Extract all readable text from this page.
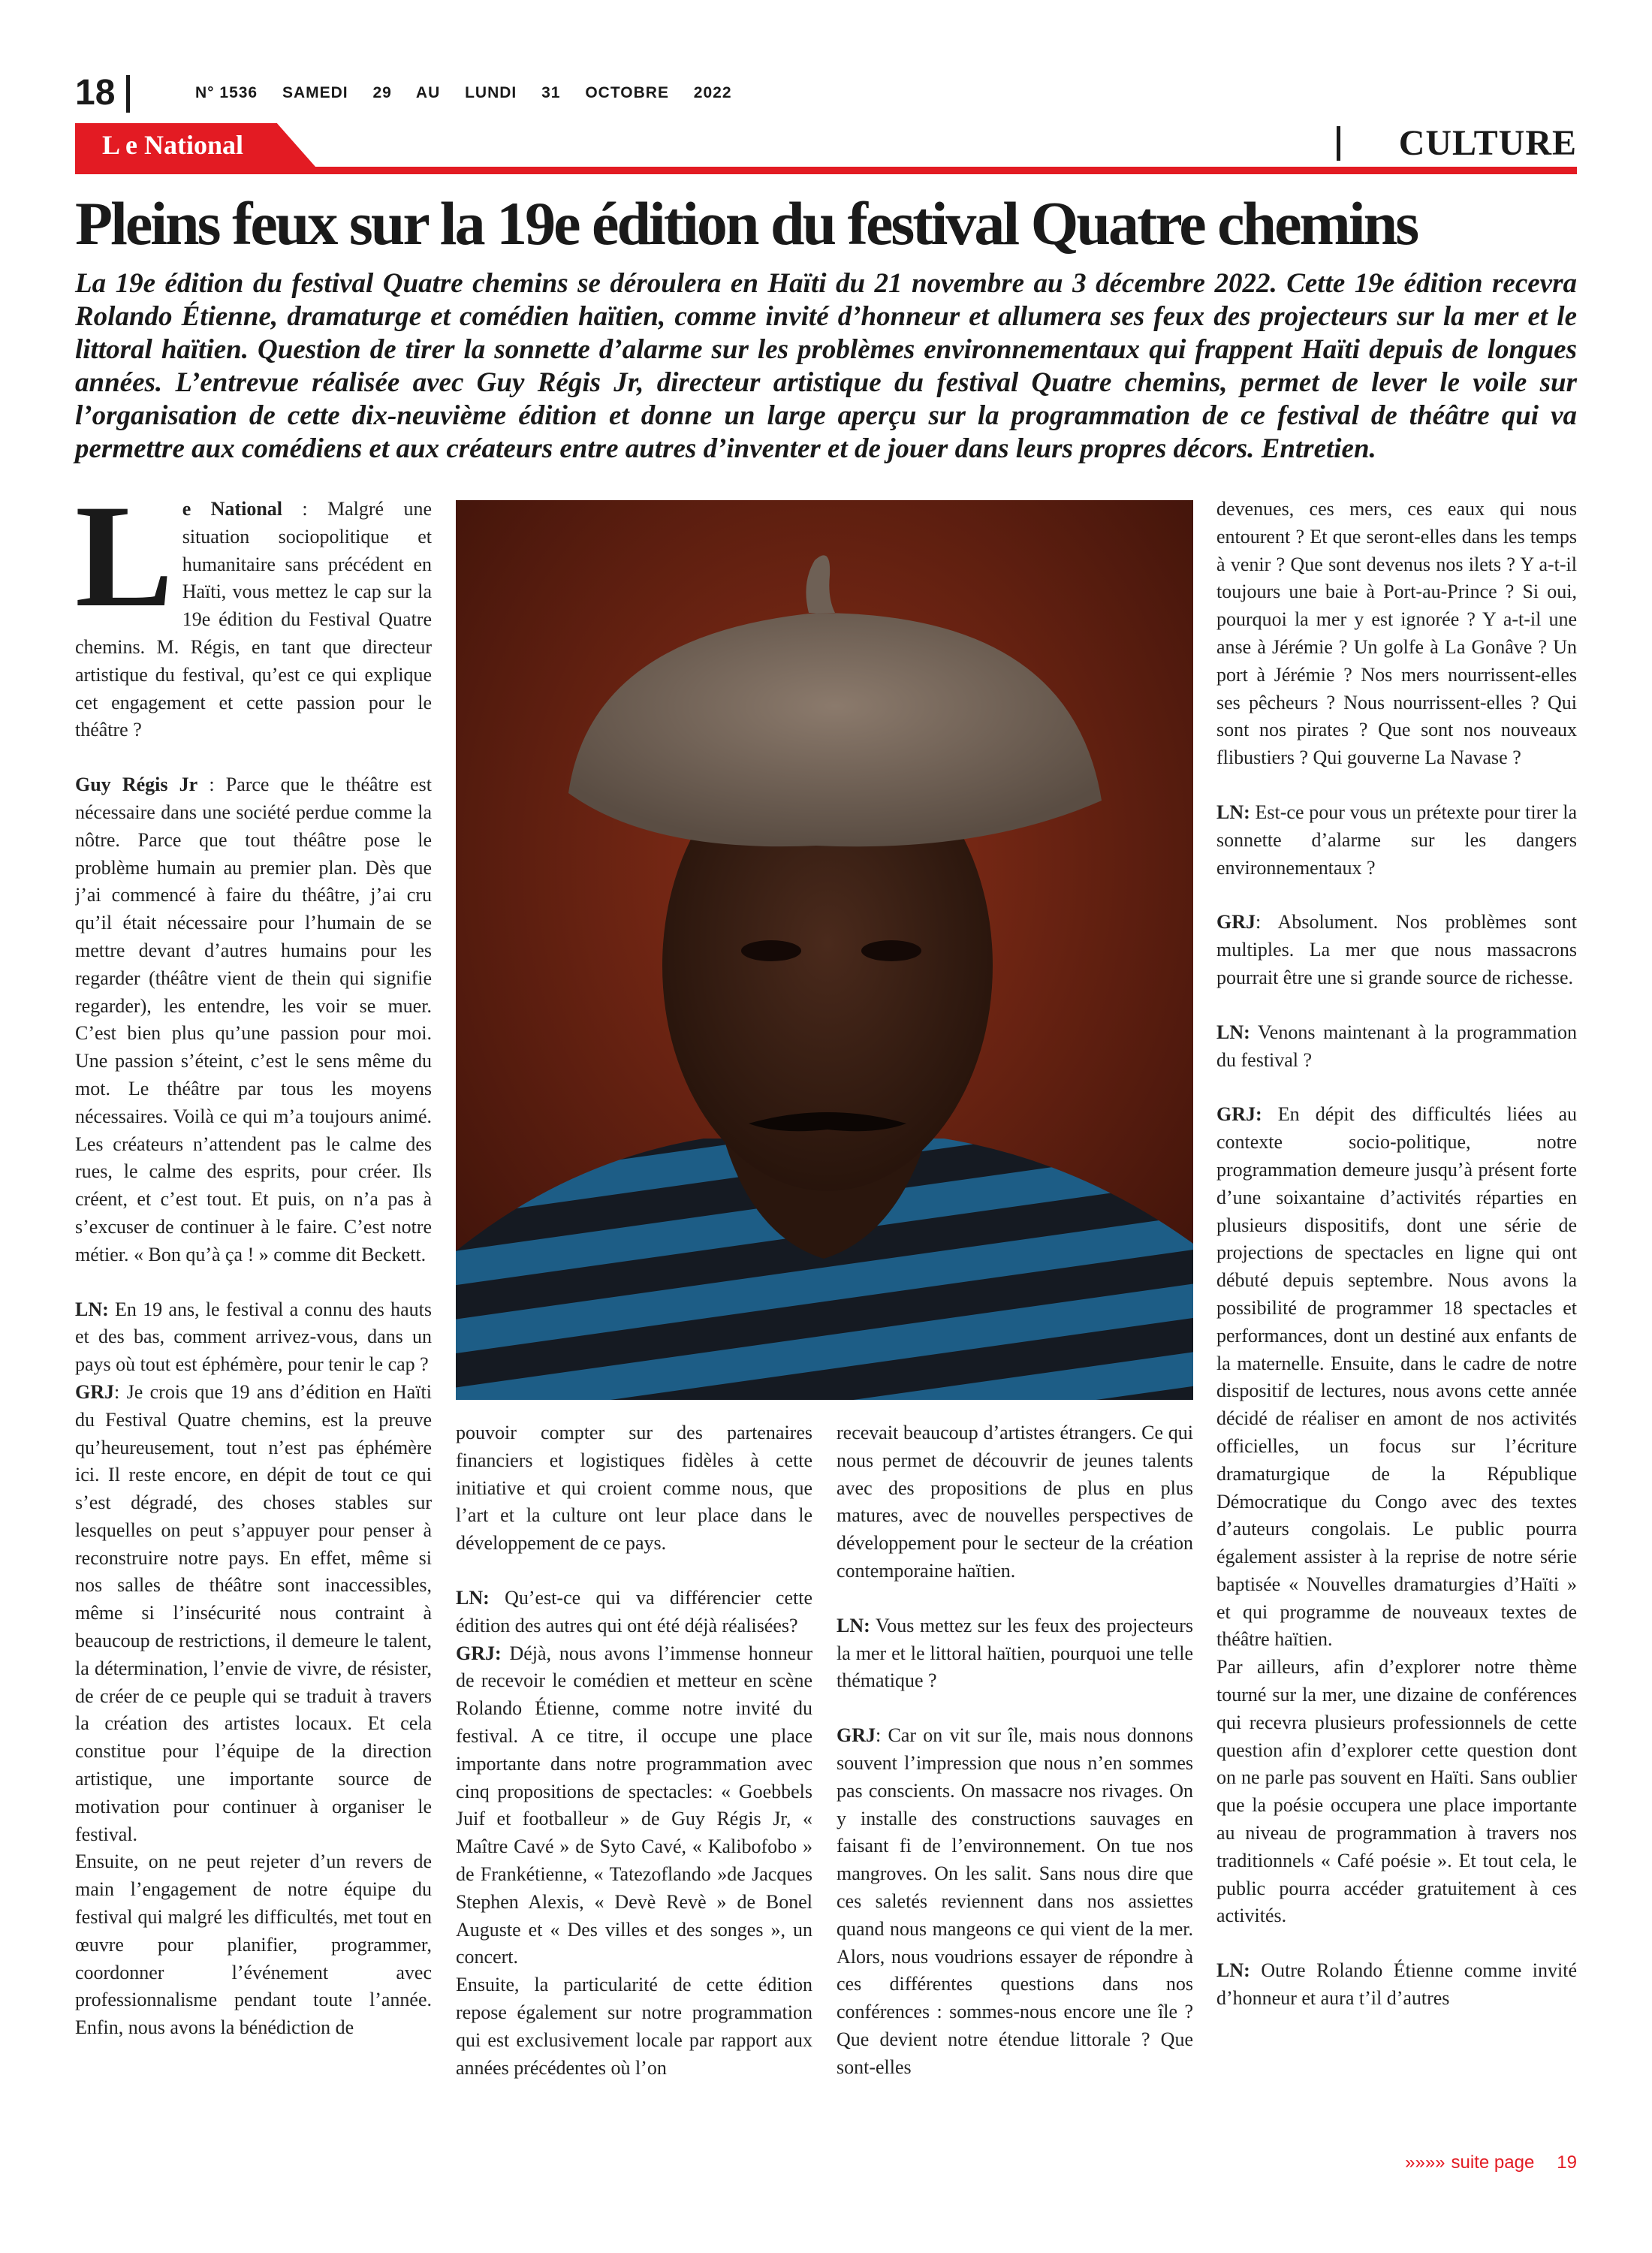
18	N° 1536 SAMEDI 29 AU LUNDI 31 OCTOBRE 2022
L e National	CULTURE
Pleins feux sur la 19e édition du festival Quatre chemins

La 19e édition du festival Quatre chemins se déroulera en Haïti du 21 novembre au 3 décembre 2022. Cette 19e édition recevra Rolando Étienne, dramaturge et comédien haïtien, comme invité d’honneur et allumera ses feux des projecteurs sur la mer et le littoral haïtien. Question de tirer la sonnette d’alarme sur les problèmes environnementaux qui frappent Haïti depuis de longues années. L’entrevue réalisée avec Guy Régis Jr, directeur artistique du festival Quatre chemins, permet de lever le voile sur l’organisation de cette dix-neuvième édition et donne un large aperçu sur la programmation de ce festival de théâtre qui va permettre aux comédiens et aux créateurs entre autres d’inventer et de jouer dans leurs propres décors. Entretien.

Le National : Malgré une situation sociopolitique et humanitaire sans précédent en Haïti, vous mettez le cap sur la 19e édition du Festival Quatre chemins. M. Régis, en tant que directeur artistique du festival, qu’est ce qui explique cet engagement et cette passion pour le théâtre ?

Guy Régis Jr : Parce que le théâtre est nécessaire dans une société perdue comme la nôtre. Parce que tout théâtre pose le problème humain au premier plan. Dès que j’ai commencé à faire du théâtre, j’ai cru qu’il était nécessaire pour l’humain de se mettre devant d’autres humains pour les regarder (théâtre vient de thein qui signifie regarder), les entendre, les voir se muer. C’est bien plus qu’une passion pour moi. Une passion s’éteint, c’est le sens même du mot. Le théâtre par tous les moyens nécessaires. Voilà ce qui m’a toujours animé. Les créateurs n’attendent pas le calme des rues, le calme des esprits, pour créer. Ils créent, et c’est tout. Et puis, on n’a pas à s’excuser de continuer à le faire. C’est notre métier. « Bon qu’à ça ! » comme dit Beckett.

LN: En 19 ans, le festival a connu des hauts et des bas, comment arrivez-vous, dans un pays où tout est éphémère, pour tenir le cap ?

GRJ: Je crois que 19 ans d’édition en Haïti du Festival Quatre chemins, est la preuve qu’heureusement, tout n’est pas éphémère ici. Il reste encore, en dépit de tout ce qui s’est dégradé, des choses stables sur lesquelles on peut s’appuyer pour penser à reconstruire notre pays. En effet, même si nos salles de théâtre sont inaccessibles, même si l’insécurité nous contraint à beaucoup de restrictions, il demeure le talent, la détermination, l’envie de vivre, de résister, de créer de ce peuple qui se traduit à travers la création des artistes locaux. Et cela constitue pour l’équipe de la direction artistique, une importante source de motivation pour continuer à organiser le festival.

Ensuite, on ne peut rejeter d’un revers de main l’engagement de notre équipe du festival qui malgré les difficultés, met tout en œuvre pour planifier, programmer, coordonner l’événement avec professionnalisme pendant toute l’année. Enfin, nous avons la bénédiction de

pouvoir compter sur des partenaires financiers et logistiques fidèles à cette initiative et qui croient comme nous, que l’art et la culture ont leur place dans le développement de ce pays.

LN: Qu’est-ce qui va différencier cette édition des autres qui ont été déjà réalisées?

GRJ: Déjà, nous avons l’immense honneur de recevoir le comédien et metteur en scène Rolando Étienne, comme notre invité du festival. A ce titre, il occupe une place importante dans notre programmation avec cinq propositions de spectacles: « Goebbels Juif et footballeur » de Guy Régis Jr, « Maître Cavé » de Syto Cavé, « Kalibofobo » de Frankétienne, « Tatezoflando »de Jacques Stephen Alexis, « Devè Revè » de Bonel Auguste et « Des villes et des songes », un concert.

Ensuite, la particularité de cette édition repose également sur notre programmation qui est exclusivement locale par rapport aux années précédentes où l’on

recevait beaucoup d’artistes étrangers. Ce qui nous permet de découvrir de jeunes talents avec des propositions de plus en plus matures, avec de nouvelles perspectives de développement pour le secteur de la création contemporaine haïtien.

LN: Vous mettez sur les feux des projecteurs la mer et le littoral haïtien, pourquoi une telle thématique ?

GRJ: Car on vit sur île, mais nous donnons souvent l’impression que nous n’en sommes pas conscients. On massacre nos rivages. On y installe des constructions sauvages en faisant fi de l’environnement. On tue nos mangroves. On les salit. Sans nous dire que ces saletés reviennent dans nos assiettes quand nous mangeons ce qui vient de la mer. Alors, nous voudrions essayer de répondre à ces différentes questions dans nos conférences : sommes-nous encore une île ? Que devient notre étendue littorale ? Que sont-elles

devenues, ces mers, ces eaux qui nous entourent ? Et que seront-elles dans les temps à venir ? Que sont devenus nos ilets ? Y a-t-il toujours une baie à Port-au-Prince ? Si oui, pourquoi la mer y est ignorée ? Y a-t-il une anse à Jérémie ? Un golfe à La Gonâve ? Un port à Jérémie ? Nos mers nourrissent-elles ses pêcheurs ? Nous nourrissent-elles ? Qui sont nos pirates ? Que sont nos nouveaux flibustiers ? Qui gouverne La Navase ?

LN: Est-ce pour vous un prétexte pour tirer la sonnette d’alarme sur les dangers environnementaux ?

GRJ: Absolument. Nos problèmes sont multiples. La mer que nous massacrons pourrait être une si grande source de richesse.

LN: Venons maintenant à la programmation du festival ?

GRJ: En dépit des difficultés liées au contexte socio-politique, notre programmation demeure jusqu’à présent forte d’une soixantaine d’activités réparties en plusieurs dispositifs, dont une série de projections de spectacles en ligne qui ont débuté depuis septembre. Nous avons la possibilité de programmer 18 spectacles et performances, dont un destiné aux enfants de la maternelle. Ensuite, dans le cadre de notre dispositif de lectures, nous avons cette année décidé de réaliser en amont de nos activités officielles, un focus sur l’écriture dramaturgique de la République Démocratique du Congo avec des textes d’auteurs congolais. Le public pourra également assister à la reprise de notre série baptisée « Nouvelles dramaturgies d’Haïti » et qui programme de nouveaux textes de théâtre haïtien.

Par ailleurs, afin d’explorer notre thème tourné sur la mer, une dizaine de conférences qui recevra plusieurs professionnels de cette question afin d’explorer cette question dont on ne parle pas souvent en Haïti. Sans oublier que la poésie occupera une place importante au niveau de programmation à travers nos traditionnels « Café poésie ». Et tout cela, le public pourra accéder gratuitement à ces activités.

LN: Outre Rolando Étienne comme invité d’honneur et aura t’il d’autres

»»»» suite page 19
